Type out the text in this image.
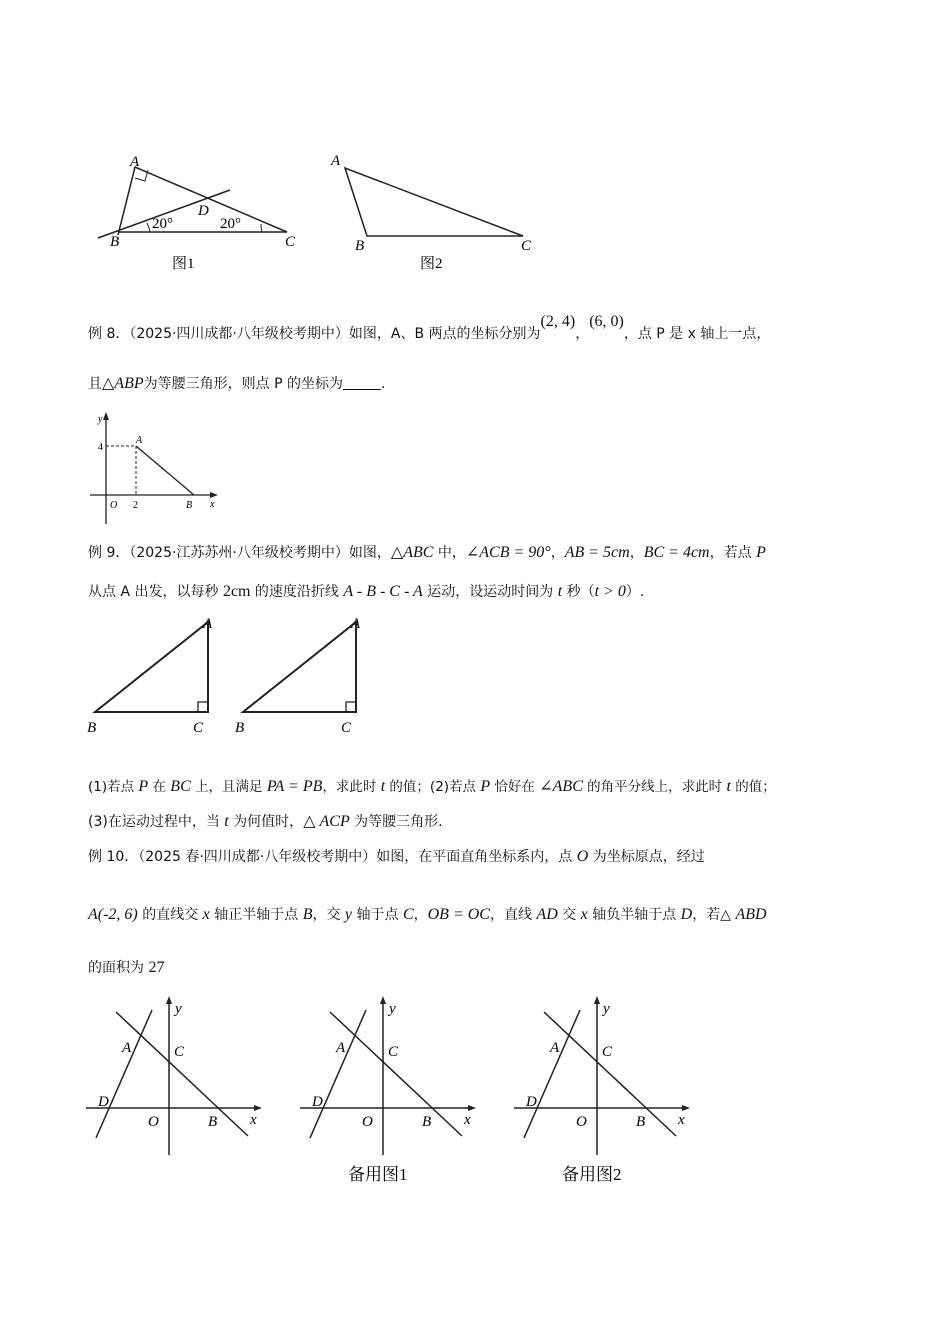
A
B	C
D
20°	20°
图1
A
B	C
图2
例 8．（2025·四川成都·八年级校考期中）如图，A、B 两点的坐标分别为(2, 4)，(6, 0)，点 P 是 x 轴上一点，
且△ABP为等腰三角形，则点 P 的坐标为	.
y
x
A
B
O
4
2
例 9．（2025·江苏苏州·八年级校考期中）如图，△ABC 中，∠ACB = 90°，AB = 5cm，BC = 4cm，若点 P
从点 A 出发，以每秒 2cm 的速度沿折线 A - B - C - A 运动，设运动时间为 t 秒（t > 0）.
A
B	C
A
B	C
(1)若点 P 在 BC 上，且满足 PA = PB，求此时 t 的值；(2)若点 P 恰好在 ∠ABC 的角平分线上，求此时 t 的值；
(3)在运动过程中，当 t 为何值时，△ ACP 为等腰三角形.
例 10．（2025 春·四川成都·八年级校考期中）如图，在平面直角坐标系内，点 O 为坐标原点，经过
A(-2, 6) 的直线交 x 轴正半轴于点 B，交 y 轴于点 C，OB = OC，直线 AD 交 x 轴负半轴于点 D，若△ ABD
的面积为 27
A	C
D
O	B x
y
A	C
D
O	B x
y
备用图1
A	C
D
O	B x
y
备用图2
